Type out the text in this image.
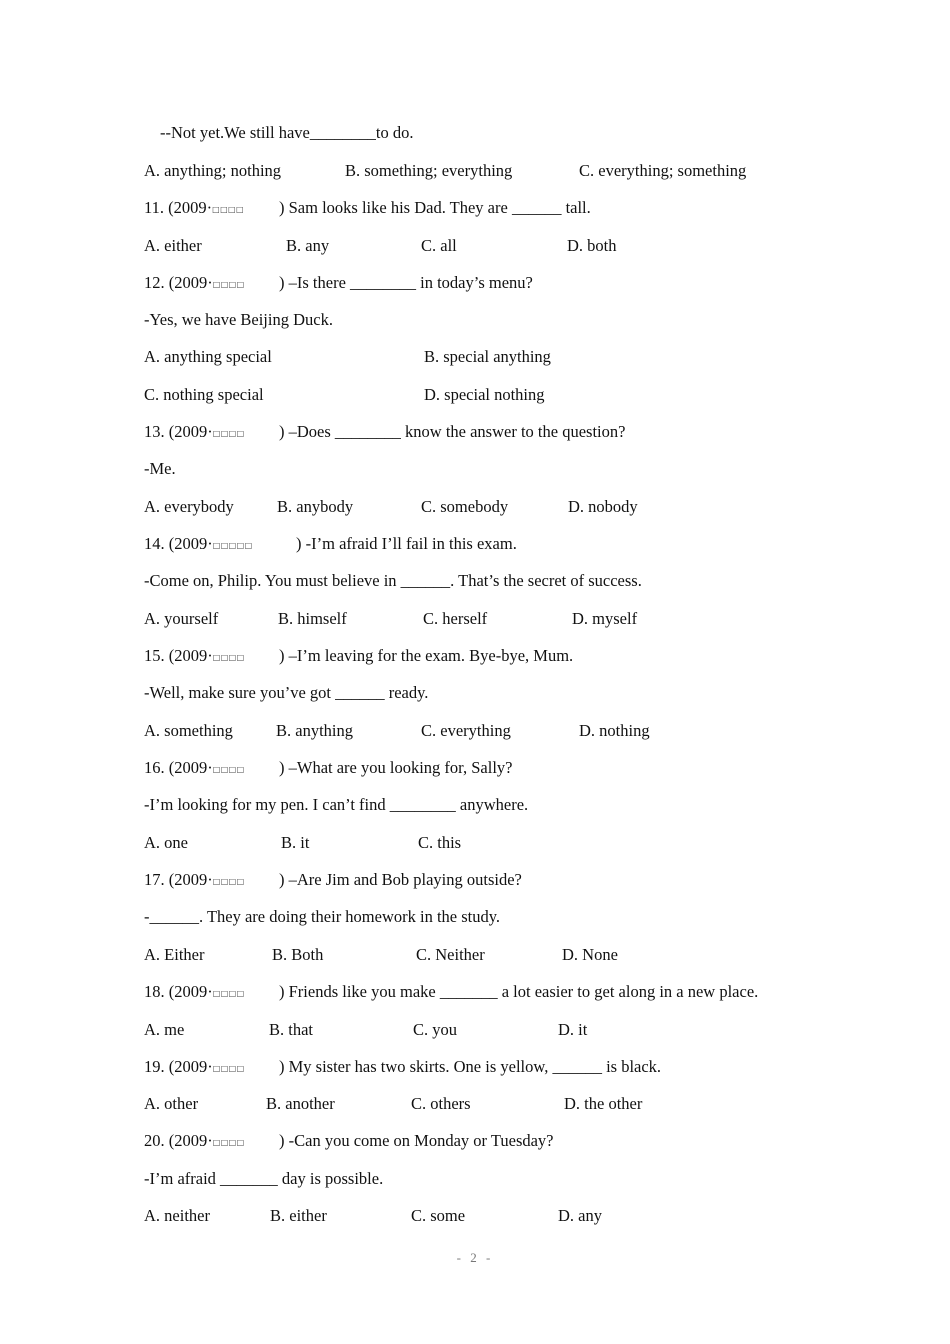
--Not yet.We still have________to do.
A. anything; nothing	B. something; everything	C. everything; something
11. (2009·□□□□ ) Sam looks like his Dad. They are ______ tall.
A. either	B. any	C. all	D. both
12. (2009·□□□□ ) –Is there ________ in today’s menu?
-Yes, we have Beijing Duck.
A. anything special	B. special anything
C. nothing special	D. special nothing
13. (2009·□□□□ ) –Does ________ know the answer to the question?
-Me.
A. everybody	B. anybody	C. somebody	D. nobody
14. (2009·□□□□□	) -I’m afraid I’ll fail in this exam.
-Come on, Philip. You must believe in ______. That’s the secret of success.
A. yourself	B. himself	C. herself	D. myself
15. (2009·□□□□ ) –I’m leaving for the exam. Bye-bye, Mum.
-Well, make sure you’ve got ______ ready.
A. something	B. anything	C. everything	D. nothing
16. (2009·□□□□ ) –What are you looking for, Sally?
-I’m looking for my pen. I can’t find ________ anywhere.
A. one	B. it	C. this
17. (2009·□□□□ ) –Are Jim and Bob playing outside?
-______. They are doing their homework in the study.
A. Either	B. Both	C. Neither	D. None
18. (2009·□□□□ ) Friends like you make _______ a lot easier to get along in a new place.
A. me	B. that	C. you	D. it
19. (2009·□□□□ ) My sister has two skirts. One is yellow, ______ is black.
A. other	B. another	C. others	D. the other
20. (2009·□□□□ ) -Can you come on Monday or Tuesday?
-I’m afraid _______ day is possible.
A. neither	B. either	C. some	D. any
- 2 -
